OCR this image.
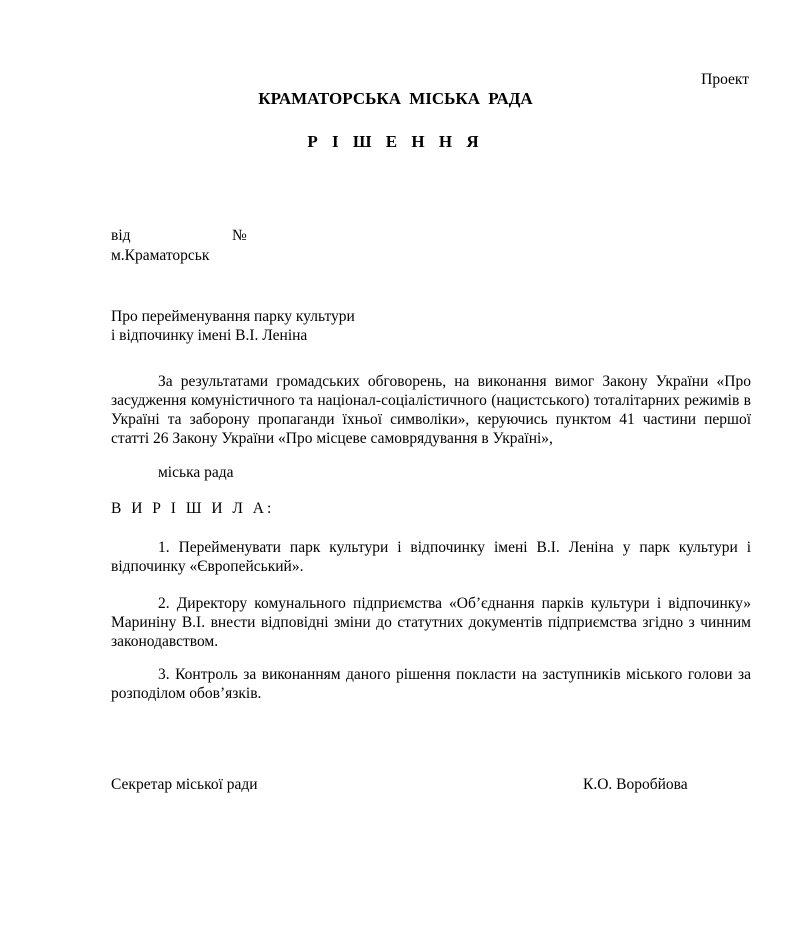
Проект
КРАМАТОРСЬКА МІСЬКА РАДА
Р І Ш Е Н Н Я
від	№
м.Краматорськ
Про перейменування парку культури
і відпочинку імені В.І. Леніна
За результатами громадських обговорень, на виконання вимог Закону України «Про засудження комуністичного та націонал-соціалістичного (нацистського) тоталітарних режимів в Україні та заборону пропаганди їхньої символіки», керуючись пунктом 41 частини першої статті 26 Закону України «Про місцеве самоврядування в Україні»,
міська рада
В И Р І Ш И Л А:
1. Перейменувати парк культури і відпочинку імені В.І. Леніна у парк культури і відпочинку «Європейський».
2. Директору комунального підприємства «Об’єднання парків культури і відпочинку» Мариніну В.І. внести відповідні зміни до статутних документів підприємства згідно з чинним законодавством.
3. Контроль за виконанням даного рішення покласти на заступників міського голови за розподілом обов’язків.
Секретар міської ради	К.О. Воробйова
